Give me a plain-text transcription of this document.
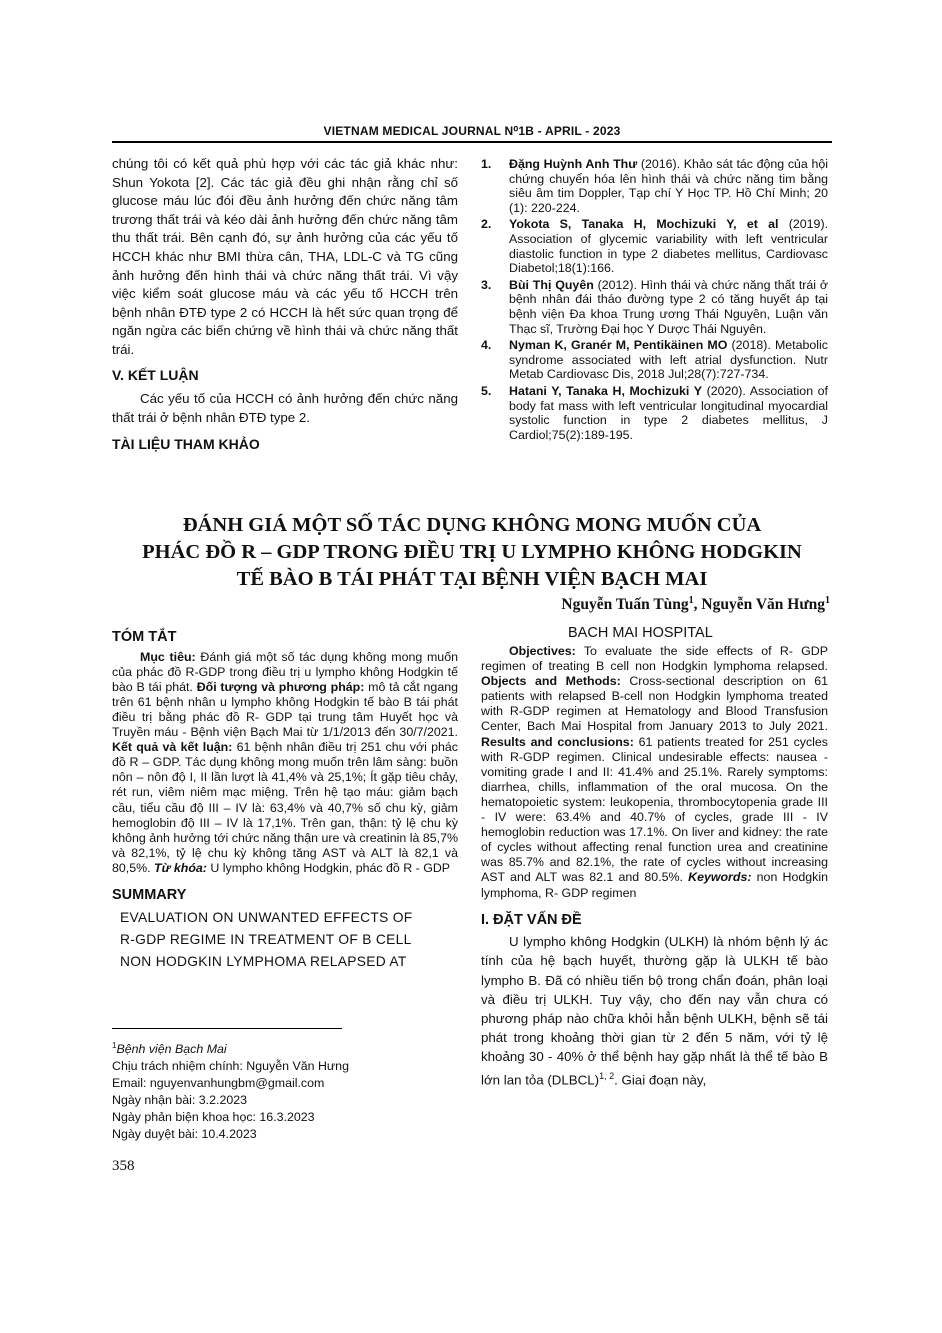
VIETNAM MEDICAL JOURNAL N⁰1B - APRIL - 2023

chúng tôi có kết quả phù hợp với các tác giả khác như: Shun Yokota [2]. Các tác giả đều ghi nhận rằng chỉ số glucose máu lúc đói đều ảnh hưởng đến chức năng tâm trương thất trái và kéo dài ảnh hưởng đến chức năng tâm thu thất trái. Bên cạnh đó, sự ảnh hưởng của các yếu tố HCCH khác như BMI thừa cân, THA, LDL-C và TG cũng ảnh hưởng đến hình thái và chức năng thất trái. Vì vậy việc kiểm soát glucose máu và các yếu tố HCCH trên bệnh nhân ĐTĐ type 2 có HCCH là hết sức quan trọng để ngăn ngừa các biến chứng về hình thái và chức năng thất trái.

V. KẾT LUẬN

Các yếu tố của HCCH có ảnh hưởng đến chức năng thất trái ở bệnh nhân ĐTĐ type 2.

TÀI LIỆU THAM KHẢO
1.	Đặng Huỳnh Anh Thư (2016). Khảo sát tác động của hội chứng chuyển hóa lên hình thái và chức năng tim bằng siêu âm tim Doppler, Tạp chí Y Học TP. Hồ Chí Minh; 20 (1): 220-224.
2.	Yokota S, Tanaka H, Mochizuki Y, et al (2019). Association of glycemic variability with left ventricular diastolic function in type 2 diabetes mellitus, Cardiovasc Diabetol;18(1):166.
3.	Bùi Thị Quyên (2012). Hình thái và chức năng thất trái ở bệnh nhân đái tháo đường type 2 có tăng huyết áp tại bệnh viện Đa khoa Trung ương Thái Nguyên, Luận văn Thạc sĩ, Trường Đại học Y Dược Thái Nguyên.
4.	Nyman K, Granér M, Pentikäinen MO (2018). Metabolic syndrome associated with left atrial dysfunction. Nutr Metab Cardiovasc Dis, 2018 Jul;28(7):727-734.
5.	Hatani Y, Tanaka H, Mochizuki Y (2020). Association of body fat mass with left ventricular longitudinal myocardial systolic function in type 2 diabetes mellitus, J Cardiol;75(2):189-195.
ĐÁNH GIÁ MỘT SỐ TÁC DỤNG KHÔNG MONG MUỐN CỦA
PHÁC ĐỒ R – GDP TRONG ĐIỀU TRỊ U LYMPHO KHÔNG HODGKIN
TẾ BÀO B TÁI PHÁT TẠI BỆNH VIỆN BẠCH MAI
Nguyễn Tuấn Tùng$^1$, Nguyễn Văn Hưng$^1$
BACH MAI HOSPITAL
TÓM TẮT

Mục tiêu: Đánh giá một số tác dụng không mong muốn của phác đồ R-GDP trong điều trị u lympho không Hodgkin tế bào B tái phát. Đối tượng và phương pháp: mô tả cắt ngang trên 61 bệnh nhân u lympho không Hodgkin tế bào B tái phát điều trị bằng phác đồ R- GDP tại trung tâm Huyết học và Truyền máu - Bệnh viện Bạch Mai từ 1/1/2013 đến 30/7/2021. Kết quả và kết luận: 61 bệnh nhân điều trị 251 chu với phác đồ R – GDP. Tác dụng không mong muốn trên lâm sàng: buồn nôn – nôn độ I, II lần lượt là 41,4% và 25,1%; Ít gặp tiêu chảy, rét run, viêm niêm mạc miệng. Trên hệ tạo máu: giảm bạch cầu, tiểu cầu độ III – IV là: 63,4% và 40,7% số chu kỳ, giảm hemoglobin độ III – IV là 17,1%. Trên gan, thận: tỷ lệ chu kỳ không ảnh hưởng tới chức năng thận ure và creatinin là 85,7% và 82,1%, tỷ lệ chu kỳ không tăng AST và ALT là 82,1 và 80,5%. Từ khóa: U lympho không Hodgkin, phác đồ R - GDP

SUMMARY
EVALUATION ON UNWANTED EFFECTS OF
R-GDP REGIME IN TREATMENT OF B CELL
NON HODGKIN LYMPHOMA RELAPSED AT

Objectives: To evaluate the side effects of R- GDP regimen of treating B cell non Hodgkin lymphoma relapsed. Objects and Methods: Cross-sectional description on 61 patients with relapsed B-cell non Hodgkin lymphoma treated with R-GDP regimen at Hematology and Blood Transfusion Center, Bach Mai Hospital from January 2013 to July 2021. Results and conclusions: 61 patients treated for 251 cycles with R-GDP regimen. Clinical undesirable effects: nausea - vomiting grade I and II: 41.4% and 25.1%. Rarely symptoms: diarrhea, chills, inflammation of the oral mucosa. On the hematopoietic system: leukopenia, thrombocytopenia grade III - IV were: 63.4% and 40.7% of cycles, grade III - IV hemoglobin reduction was 17.1%. On liver and kidney: the rate of cycles without affecting renal function urea and creatinine was 85.7% and 82.1%, the rate of cycles without increasing AST and ALT was 82.1 and 80.5%. Keywords: non Hodgkin lymphoma, R- GDP regimen

I. ĐẶT VẤN ĐỀ

U lympho không Hodgkin (ULKH) là nhóm bệnh lý ác tính của hệ bạch huyết, thường gặp là ULKH tế bào lympho B. Đã có nhiều tiến bộ trong chẩn đoán, phân loại và điều trị ULKH. Tuy vậy, cho đến nay vẫn chưa có phương pháp nào chữa khỏi hẳn bệnh ULKH, bệnh sẽ tái phát trong khoảng thời gian từ 2 đến 5 năm, với tỷ lệ khoảng 30 - 40% ở thể bệnh hay gặp nhất là thể tế bào B lớn lan tỏa (DLBCL)$^{1, 2}$. Giai đoạn này,

$^1$Bệnh viện Bạch Mai
Chịu trách nhiệm chính: Nguyễn Văn Hưng
Email: nguyenvanhungbm@gmail.com
Ngày nhận bài: 3.2.2023
Ngày phản biện khoa học: 16.3.2023
Ngày duyệt bài: 10.4.2023
358
